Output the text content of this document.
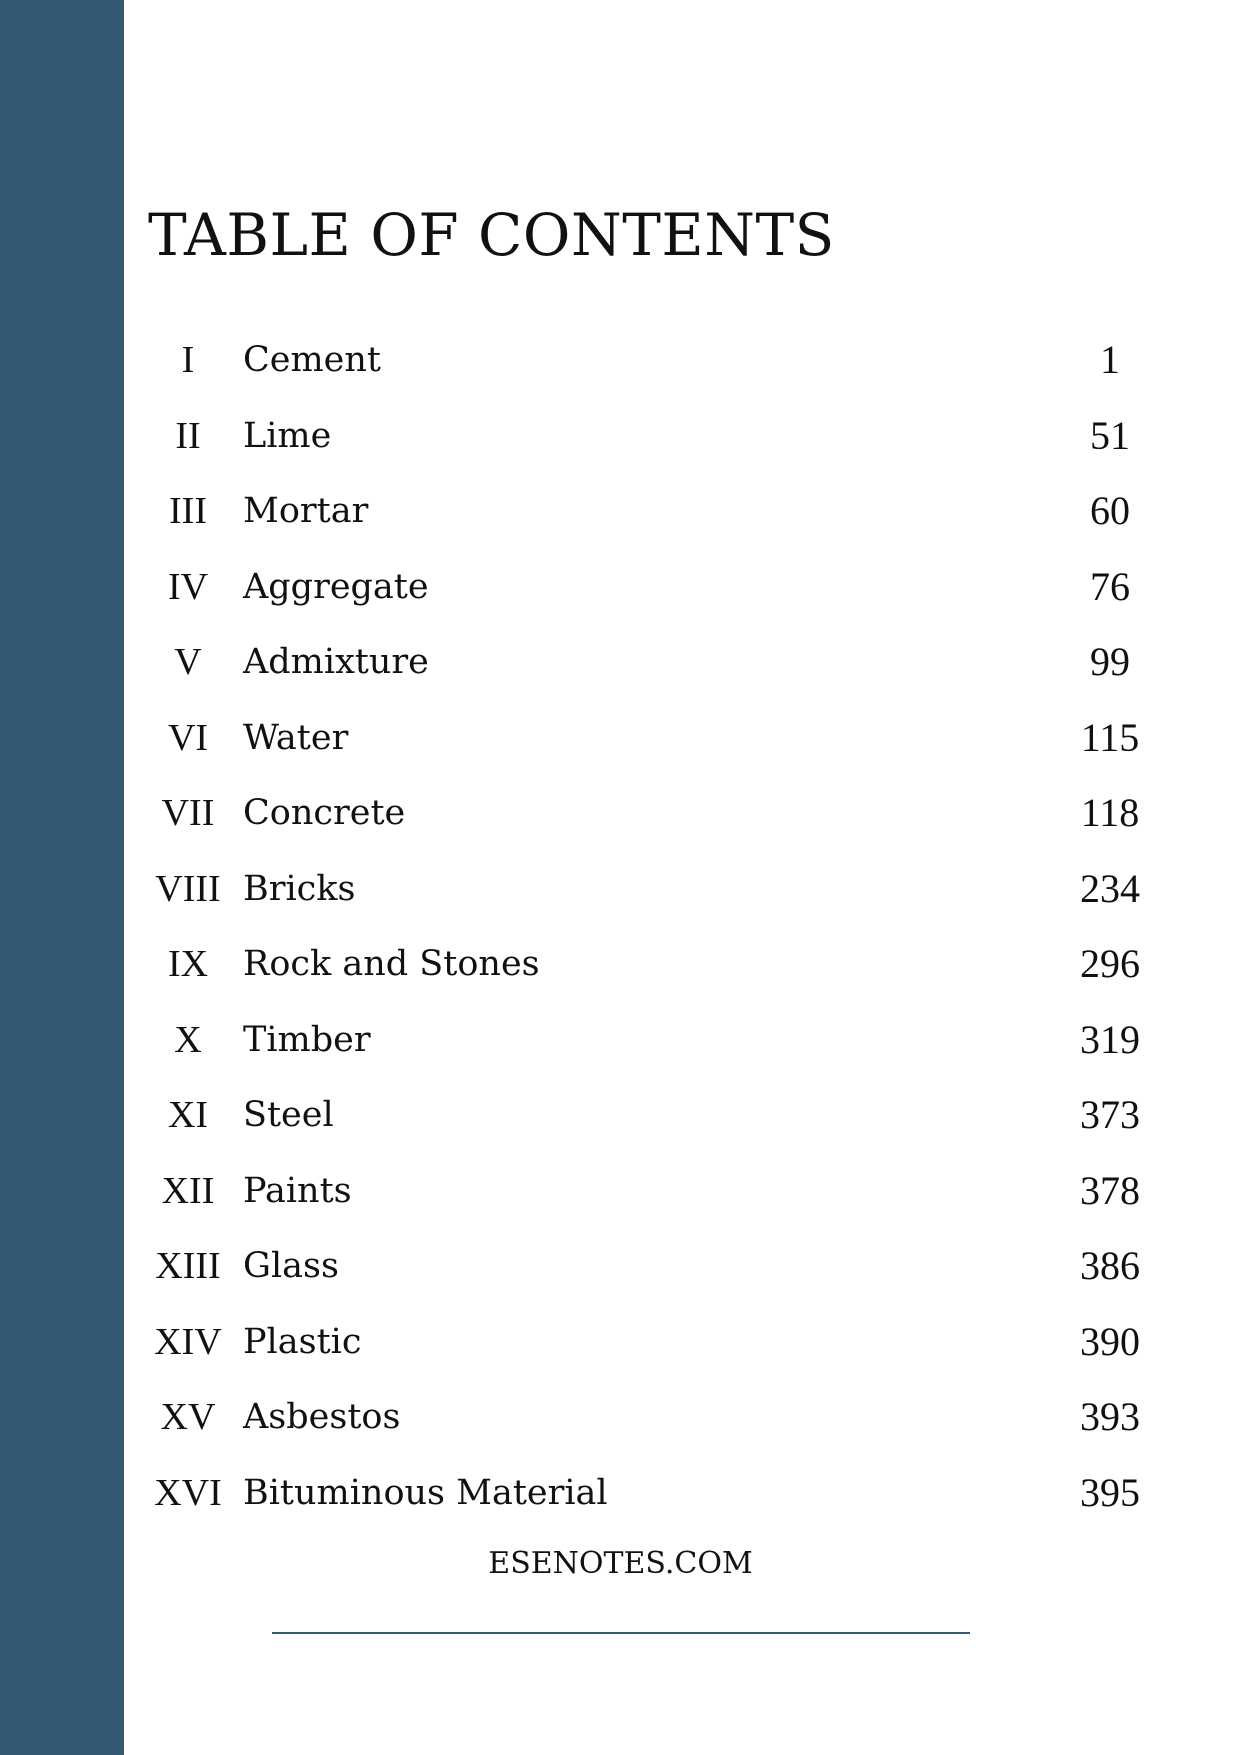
TABLE OF CONTENTS
I	Cement	1
II	Lime	51
III	Mortar	60
IV Aggregate	76
V	Admixture	99
VI Water	115
VII Concrete	118
VIII Bricks	234
IX Rock and Stones	296
X	Timber	319
XI Steel	373
XII Paints	378
XIII Glass	386
XIV Plastic	390
XV Asbestos	393
XVI Bituminous Material	395
ESENOTES.COM
